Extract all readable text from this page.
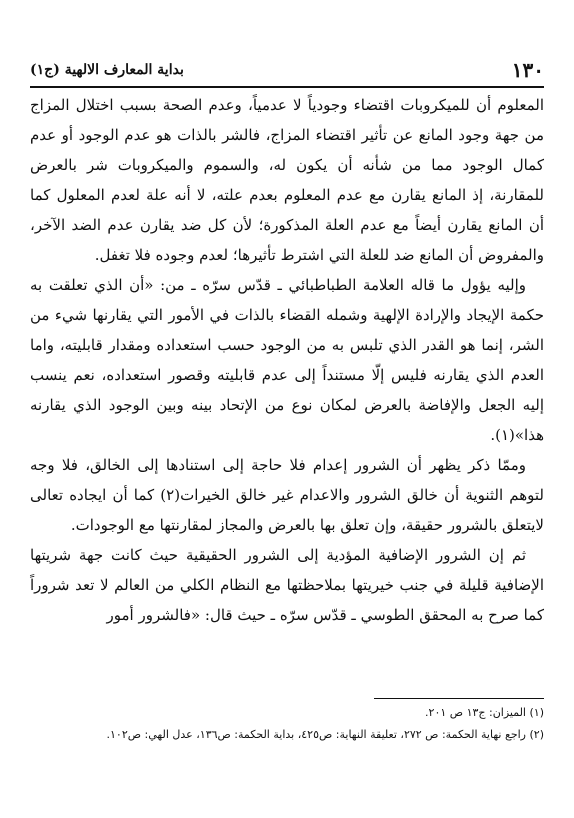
١٣٠
بداية المعارف الالهية (ج١)

المعلوم أن للميكروبات اقتضاء وجودياً لا عدمياً، وعدم الصحة بسبب اختلال المزاج من جهة وجود المانع عن تأثير اقتضاء المزاج، فالشر بالذات هو عدم الوجود أو عدم كمال الوجود مما من شأنه أن يكون له، والسموم والميكروبات شر بالعرض للمقارنة، إذ المانع يقارن مع عدم المعلوم بعدم علته، لا أنه علة لعدم المعلول كما أن المانع يقارن أيضاً مع عدم العلة المذكورة؛ لأن كل ضد يقارن عدم الضد الآخر، والمفروض أن المانع ضد للعلة التي اشترط تأثيرها؛ لعدم وجوده فلا تغفل.

وإليه يؤول ما قاله العلامة الطباطبائي ـ قدّس سرّه ـ من: «أن الذي تعلقت به حكمة الإيجاد والإرادة الإلهية وشمله القضاء بالذات في الأمور التي يقارنها شيء من الشر، إنما هو القدر الذي تلبس به من الوجود حسب استعداده ومقدار قابليته، واما العدم الذي يقارنه فليس إلّا مستنداً إلى عدم قابليته وقصور استعداده، نعم ينسب إليه الجعل والإفاضة بالعرض لمكان نوع من الإتحاد بينه وبين الوجود الذي يقارنه هذا»(١).

وممّا ذكر يظهر أن الشرور إعدام فلا حاجة إلى استنادها إلى الخالق، فلا وجه لتوهم الثنوية أن خالق الشرور والاعدام غير خالق الخيرات(٢) كما أن ايجاده تعالى لايتعلق بالشرور حقيقة، وإن تعلق بها بالعرض والمجاز لمقارنتها مع الوجودات.

ثم إن الشرور الإضافية المؤدية إلى الشرور الحقيقية حيث كانت جهة شريتها الإضافية قليلة في جنب خيريتها بملاحظتها مع النظام الكلي من العالم لا تعد شروراً كما صرح به المحقق الطوسي ـ قدّس سرّه ـ حيث قال: «فالشرور أمور

(١) الميزان: ج١٣ ص ٢٠١.

(٢) راجع نهاية الحكمة: ص ٢٧٢، تعليقة النهاية: ص٤٢٥، بداية الحكمة: ص١٣٦، عدل الهي: ص١٠٢.
